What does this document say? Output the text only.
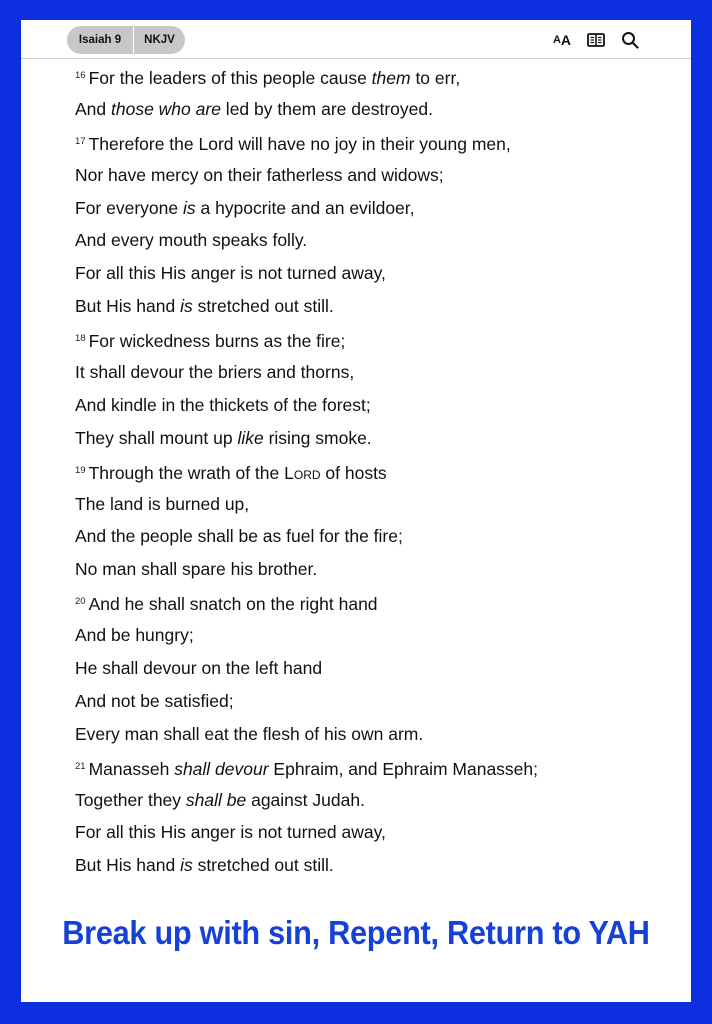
Isaiah 9	NKJV	A A
$^{16}$ For the leaders of this people cause them to err,
And those who are led by them are destroyed.
$^{17}$ Therefore the Lord will have no joy in their young men,
Nor have mercy on their fatherless and widows;
For everyone is a hypocrite and an evildoer,
And every mouth speaks folly.
For all this His anger is not turned away,
But His hand is stretched out still.
$^{18}$ For wickedness burns as the fire;
It shall devour the briers and thorns,
And kindle in the thickets of the forest;
They shall mount up like rising smoke.
$^{19}$ Through the wrath of the Lord of hosts
The land is burned up,
And the people shall be as fuel for the fire;
No man shall spare his brother.
$^{20}$ And he shall snatch on the right hand
And be hungry;
He shall devour on the left hand
And not be satisfied;
Every man shall eat the flesh of his own arm.
$^{21}$ Manasseh shall devour Ephraim, and Ephraim Manasseh;
Together they shall be against Judah.
For all this His anger is not turned away,
But His hand is stretched out still.
Break up with sin, Repent, Return to YAH
